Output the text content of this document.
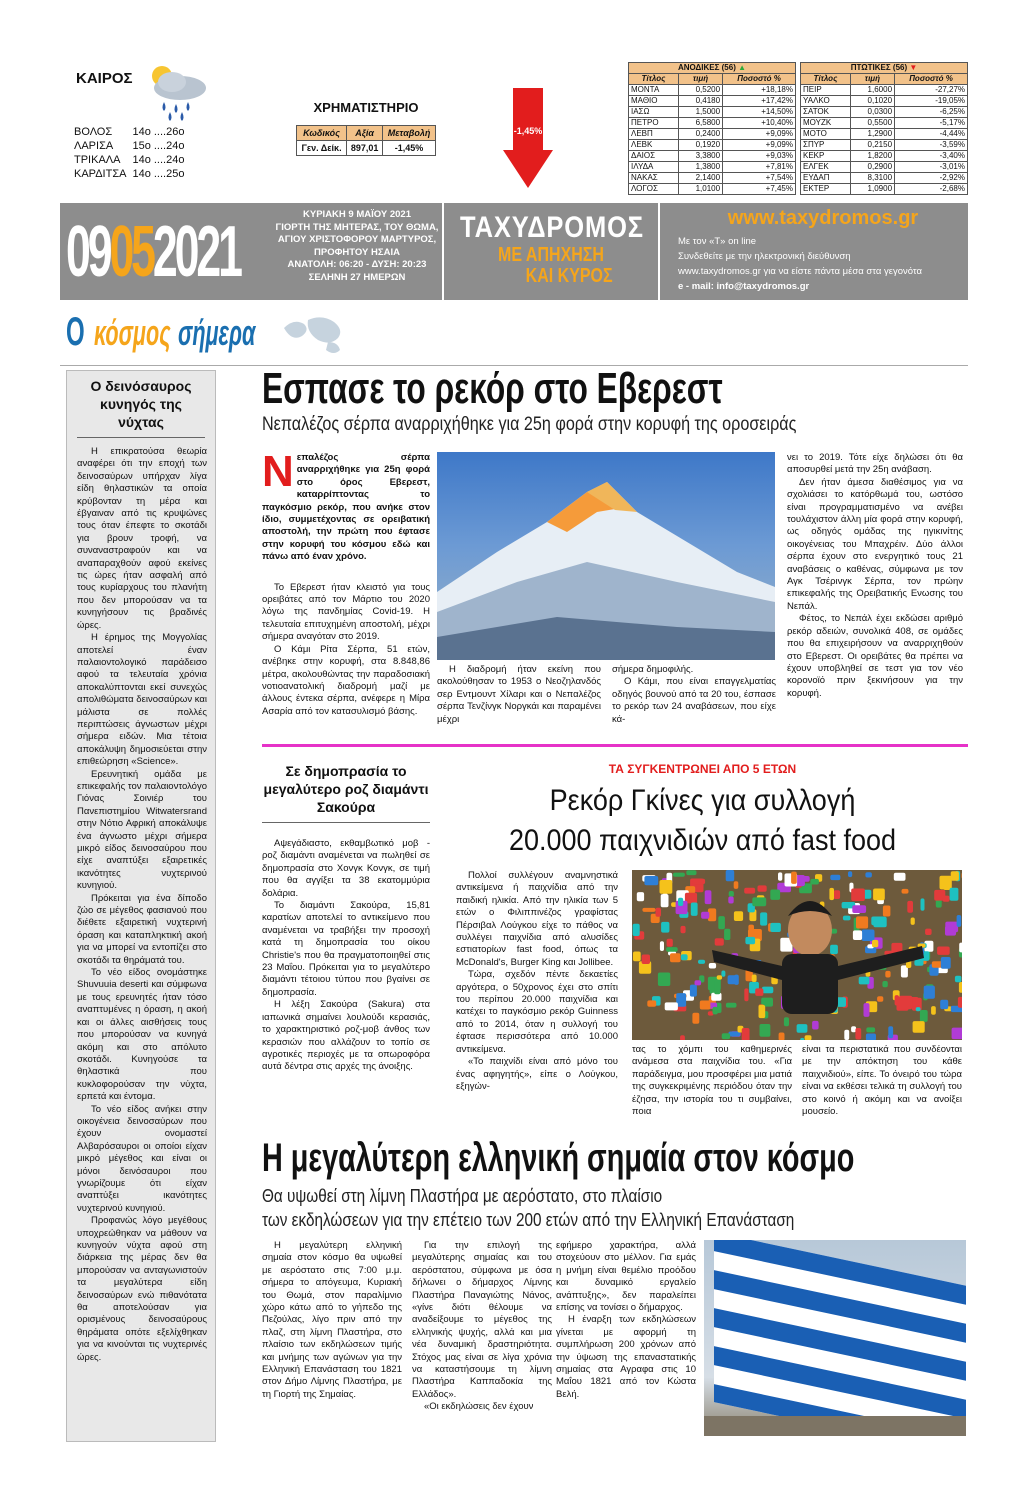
ΚΑΙΡΟΣ
ΒΟΛΟΣ	14ο ....26ο
ΛΑΡΙΣΑ	15ο ....24ο
ΤΡΙΚΑΛΑ	14ο ....24ο
ΚΑΡΔΙΤΣΑ	14ο ....25ο
ΧΡΗΜΑΤΙΣΤΗΡΙΟ
Κωδικός	Αξία	Μεταβολή
Γεν. Δείκ.	897,01	-1,45%
-1,45%
ΑΝΟΔΙΚΕΣ (56) ▲		
Τίτλος	τιμή	Ποσοστό %
ΜΟΝΤΑ	0,5200	+18,18%
ΜΑΘΙΟ	0,4180	+17,42%
ΙΑΣΩ	1,5000	+14,50%
ΠΕΤΡΟ	6,5800	+10,40%
ΛΕΒΠ	0,2400	+9,09%
ΛΕΒΚ	0,1920	+9,09%
ΔΑΙΟΣ	3,3800	+9,03%
ΙΛΥΔΑ	1,3800	+7,81%
ΝΑΚΑΣ	2,1400	+7,54%
ΛΟΓΟΣ	1,0100	+7,45%
ΠΤΩΤΙΚΕΣ (56) ▼		
Τίτλος	τιμή	Ποσοστό %
ΠΕΙΡ	1,6000	-27,27%
ΥΑΛΚΟ	0,1020	-19,05%
ΣΑΤΟΚ	0,0300	-6,25%
ΜΟΥΖΚ	0,5500	-5,17%
ΜΟΤΟ	1,2900	-4,44%
ΣΠΥΡ	0,2150	-3,59%
ΚΕΚΡ	1,8200	-3,40%
ΕΛΓΕΚ	0,2900	-3,01%
ΕΥΔΑΠ	8,3100	-2,92%
ΕΚΤΕΡ	1,0900	-2,68%
09052021	ΚΥΡΙΑΚΗ 9 ΜΑΪΟΥ 2021
ΓΙΟΡΤΗ ΤΗΣ ΜΗΤΕΡΑΣ, ΤΟΥ ΘΩΜΑ,
ΑΓΙΟΥ ΧΡΙΣΤΟΦΟΡΟΥ ΜΑΡΤΥΡΟΣ,
ΠΡΟΦΗΤΟΥ ΗΣΑΙΑ
ΑΝΑΤΟΛΗ: 06:20 - ΔΥΣΗ: 20:23
ΣΕΛΗΝΗ 27 ΗΜΕΡΩΝ
ΤΑΧΥΔΡΟΜΟΣ
ΜΕ ΑΠΗΧΗΣΗ
ΚΑΙ ΚΥΡΟΣ
www.taxydromos.gr
Με τον «Τ» on line
Συνδεθείτε με την ηλεκτρονική διεύθυνση
www.taxydromos.gr για να είστε πάντα μέσα στα γεγονότα
e - mail: info@taxydromos.gr
Ο κόσμος σήμερα
Ο δεινόσαυρος κυνηγός της νύχτας

Η επικρατούσα θεωρία αναφέρει ότι την εποχή των δεινοσαύρων υπήρχαν λίγα είδη θηλαστικών τα οποία κρύβονταν τη μέρα και έβγαιναν από τις κρυψώνες τους όταν έπεφτε το σκοτάδι για βρουν τροφή, να συναναστραφούν και να αναπαραχθούν αφού εκείνες τις ώρες ήταν ασφαλή από τους κυρίαρχους του πλανήτη που δεν μπορούσαν να τα κυνηγήσουν τις βραδινές ώρες.

Η έρημος της Μογγολίας αποτελεί έναν παλαιοντολογικό παράδεισο αφού τα τελευταία χρόνια αποκαλύπτονται εκεί συνεχώς απολιθώματα δεινοσαύρων και μάλιστα σε πολλές περιπτώσεις άγνωστων μέχρι σήμερα ειδών. Μια τέτοια αποκάλυψη δημοσιεύεται στην επιθεώρηση «Science».

Ερευνητική ομάδα με επικεφαλής τον παλαιοντολόγο Γιόνας Σοινιέρ του Πανεπιστημίου Witwatersrand στην Νότιο Αφρική αποκάλυψε ένα άγνωστο μέχρι σήμερα μικρό είδος δεινοσαύρου που είχε αναπτύξει εξαιρετικές ικανότητες νυχτερινού κυνηγιού.

Πρόκειται για ένα δίποδο ζώο σε μέγεθος φασιανού που διέθετε εξαιρετική νυχτερινή όραση και καταπληκτική ακοή για να μπορεί να εντοπίζει στο σκοτάδι τα θηράματά του.

Το νέο είδος ονομάστηκε Shuvuuia deserti και σύμφωνα με τους ερευνητές ήταν τόσο αναπτυμένες η όραση, η ακοή και οι άλλες αισθήσεις τους που μπορούσαν να κυνηγά ακόμη και στο απόλυτο σκοτάδι. Κυνηγούσε τα θηλαστικά που κυκλοφορούσαν την νύχτα, ερπετά και έντομα.

Το νέο είδος ανήκει στην οικογένεια δεινοσαύρων που έχουν ονομαστεί Αλβαρόσαυροι οι οποίοι είχαν μικρό μέγεθος και είναι οι μόνοι δεινόσαυροι που γνωρίζουμε ότι είχαν αναπτύξει ικανότητες νυχτερινού κυνηγιού.

Προφανώς λόγο μεγέθους υποχρεώθηκαν να μάθουν να κυνηγούν νύχτα αφού στη διάρκεια της μέρας δεν θα μπορούσαν να ανταγωνιστούν τα μεγαλύτερα είδη δεινοσαύρων ενώ πιθανότατα θα αποτελούσαν για ορισμένους δεινοσαύρους θηράματα οπότε εξελίχθηκαν για να κινούνται τις νυχτερινές ώρες.

Εσπασε το ρεκόρ στο Εβερεστ
Νεπαλέζος σέρπα αναρριχήθηκε για 25η φορά στην κορυφή της οροσειράς
Νεπαλέζος σέρπα αναρριχήθηκε για 25η φορά στο όρος Εβερεστ, καταρρίπτοντας το παγκόσμιο ρεκόρ, που ανήκε στον ίδιο, συμμετέχοντας σε ορειβατική αποστολή, την πρώτη που έφτασε στην κορυφή του κόσμου εδώ και πάνω από έναν χρόνο.

Το Εβερεστ ήταν κλειστό για τους ορειβάτες από τον Μάρτιο του 2020 λόγω της πανδημίας Covid-19. Η τελευταία επιτυχημένη αποστολή, μέχρι σήμερα αναγόταν στο 2019.

Ο Κάμι Ρίτα Σέρπα, 51 ετών, ανέβηκε στην κορυφή, στα 8.848,86 μέτρα, ακολουθώντας την παραδοσιακή νοτιοανατολική διαδρομή μαζί με άλλους έντεκα σέρπα, ανέφερε η Μίρα Ασαρία από τον κατασυλισμό βάσης.

Η διαδρομή ήταν εκείνη που ακολούθησαν το 1953 ο Νεοζηλανδός σερ Εντμουντ Χίλαρι και ο Νεπαλέζος σέρπα Τενζίνγκ Νοργκάι και παραμένει μέχρι

σήμερα δημοφιλής.

Ο Κάμι, που είναι επαγγελματίας οδηγός βουνού από τα 20 του, έσπασε το ρεκόρ των 24 αναβάσεων, που είχε κά-

νει το 2019. Τότε είχε δηλώσει ότι θα αποσυρθεί μετά την 25η ανάβαση.

Δεν ήταν άμεσα διαθέσιμος για να σχολιάσει το κατόρθωμά του, ωστόσο είναι προγραμματισμένο να ανέβει τουλάχιστον άλλη μία φορά στην κορυφή, ως οδηγός ομάδας της ηγικινίτης οικογένειας του Μπαχρέιν. Δύο άλλοι σέρπα έχουν στο ενεργητικό τους 21 αναβάσεις ο καθένας, σύμφωνα με τον Αγκ Τσέρινγκ Σέρπα, τον πρώην επικεφαλής της Ορειβατικής Ενωσης του Νεπάλ.

Φέτος, το Νεπάλ έχει εκδώσει αριθμό ρεκόρ αδειών, συνολικά 408, σε ομάδες που θα επιχειρήσουν να αναρριχηθούν στο Εβερεστ. Οι ορειβάτες θα πρέπει να έχουν υποβληθεί σε τεστ για τον νέο κορονοϊό πριν ξεκινήσουν για την κορυφή.

Σε δημοπρασία το μεγαλύτερο ροζ διαμάντι Σακούρα

Αψεγάδιαστο, εκθαμβωτικό μοβ - ροζ διαμάντι αναμένεται να πωληθεί σε δημοπρασία στο Χονγκ Κονγκ, σε τιμή που θα αγγίξει τα 38 εκατομμύρια δολάρια.

Το διαμάντι Σακούρα, 15,81 καρατίων αποτελεί το αντικείμενο που αναμένεται να τραβήξει την προσοχή κατά τη δημοπρασία του οίκου Christie's που θα πραγματοποιηθεί στις 23 Μαΐου. Πρόκειται για το μεγαλύτερο διαμάντι τέτοιου τύπου που βγαίνει σε δημοπρασία.

Η λέξη Σακούρα (Sakura) στα ιαπωνικά σημαίνει λουλούδι κερασιάς, το χαρακτηριστικό ροζ-μοβ άνθος των κερασιών που αλλάζουν το τοπίο σε αγροτικές περιοχές με τα οπωροφόρα αυτά δέντρα στις αρχές της άνοιξης.

ΤΑ ΣΥΓΚΕΝΤΡΩΝΕΙ ΑΠΟ 5 ΕΤΩΝ
Ρεκόρ Γκίνες για συλλογή
20.000 παιχνιδιών από fast food

Πολλοί συλλέγουν αναμνηστικά αντικείμενα ή παιχνίδια από την παιδική ηλικία. Από την ηλικία των 5 ετών ο Φιλιππινέζος γραφίστας Πέρσιβαλ Λούγκου είχε το πάθος να συλλέγει παιχνίδια από αλυσίδες εστιατορίων fast food, όπως τα McDonald's, Burger King και Jollibee.

Τώρα, σχεδόν πέντε δεκαετίες αργότερα, ο 50χρονος έχει στο σπίτι του περίπου 20.000 παιχνίδια και κατέχει το παγκόσμιο ρεκόρ Guinness από το 2014, όταν η συλλογή του έφτασε περισσότερα από 10.000 αντικείμενα.

«Το παιχνίδι είναι από μόνο του ένας αφηγητής», είπε ο Λούγκου, εξηγών-

τας το χόμπι του καθημερινές ανάμεσα στα παιχνίδια του. «Για παράδειγμα, μου προσφέρει μια ματιά της συγκεκριμένης περιόδου όταν την έζησα, την ιστορία του τι συμβαίνει, ποια

είναι τα περιστατικά που συνδέονται με την απόκτηση του κάθε παιχνιδιού», είπε. Το όνειρό του τώρα είναι να εκθέσει τελικά τη συλλογή του στο κοινό ή ακόμη και να ανοίξει μουσείο.

Η μεγαλύτερη ελληνική σημαία στον κόσμο
Θα υψωθεί στη λίμνη Πλαστήρα με αερόστατο, στο πλαίσιο
των εκδηλώσεων για την επέτειο των 200 ετών από την Ελληνική Επανάσταση

Η μεγαλύτερη ελληνική σημαία στον κόσμο θα υψωθεί με αερόστατο στις 7:00 μ.μ. σήμερα το απόγευμα, Κυριακή του Θωμά, στον παραλίμνιο χώρο κάτω από το γήπεδο της Πεζούλας, λίγο πριν από την πλαζ, στη λίμνη Πλαστήρα, στο πλαίσιο των εκδηλώσεων τιμής και μνήμης των αγώνων για την Ελληνική Επανάσταση του 1821 στον Δήμο Λίμνης Πλαστήρα, με τη Γιορτή της Σημαίας.

Για την επιλογή της μεγαλύτερης σημαίας και του αερόστατου, σύμφωνα με όσα δήλωνει ο δήμαρχος Λίμνης Πλαστήρα Παναγιώτης Νάνος, «γίνε διότι θέλουμε να αναδείξουμε το μέγεθος της ελληνικής ψυχής, αλλά και μια νέα δυναμική δραστηριότητα. Στόχος μας είναι σε λίγα χρόνια να καταστήσουμε τη λίμνη Πλαστήρα Καππαδοκία της Ελλάδος».

«Οι εκδηλώσεις δεν έχουν

εφήμερο χαρακτήρα, αλλά στοχεύουν στο μέλλον. Για εμάς η μνήμη είναι θεμέλιο προόδου και δυναμικό εργαλείο ανάπτυξης», δεν παραλείπει επίσης να τονίσει ο δήμαρχος.

Η έναρξη των εκδηλώσεων γίνεται με αφορμή τη συμπλήρωση 200 χρόνων από την ύψωση της επαναστατικής σημαίας στα Αγραφα στις 10 Μαΐου 1821 από τον Κώστα Βελή.
